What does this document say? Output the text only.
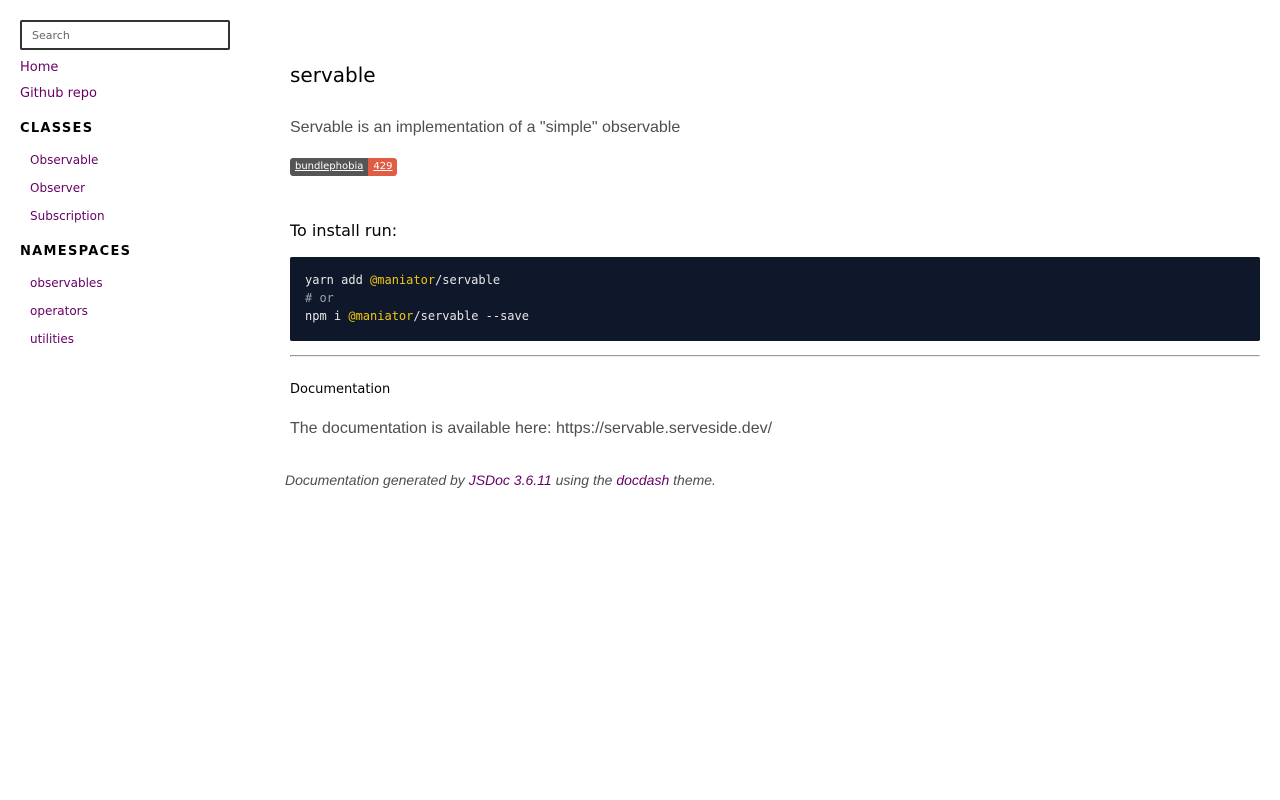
Search
Home
Github repo
CLASSES
Observable
Observer
Subscription
NAMESPACES
observables
operators
utilities
servable

Servable is an implementation of a "simple" observable

bundlephobia	429
To install run:
yarn add @maniator/servable
# or
npm i @maniator/servable --save
Documentation

The documentation is available here: https://servable.serveside.dev/

Documentation generated by JSDoc 3.6.11 using the docdash theme.
